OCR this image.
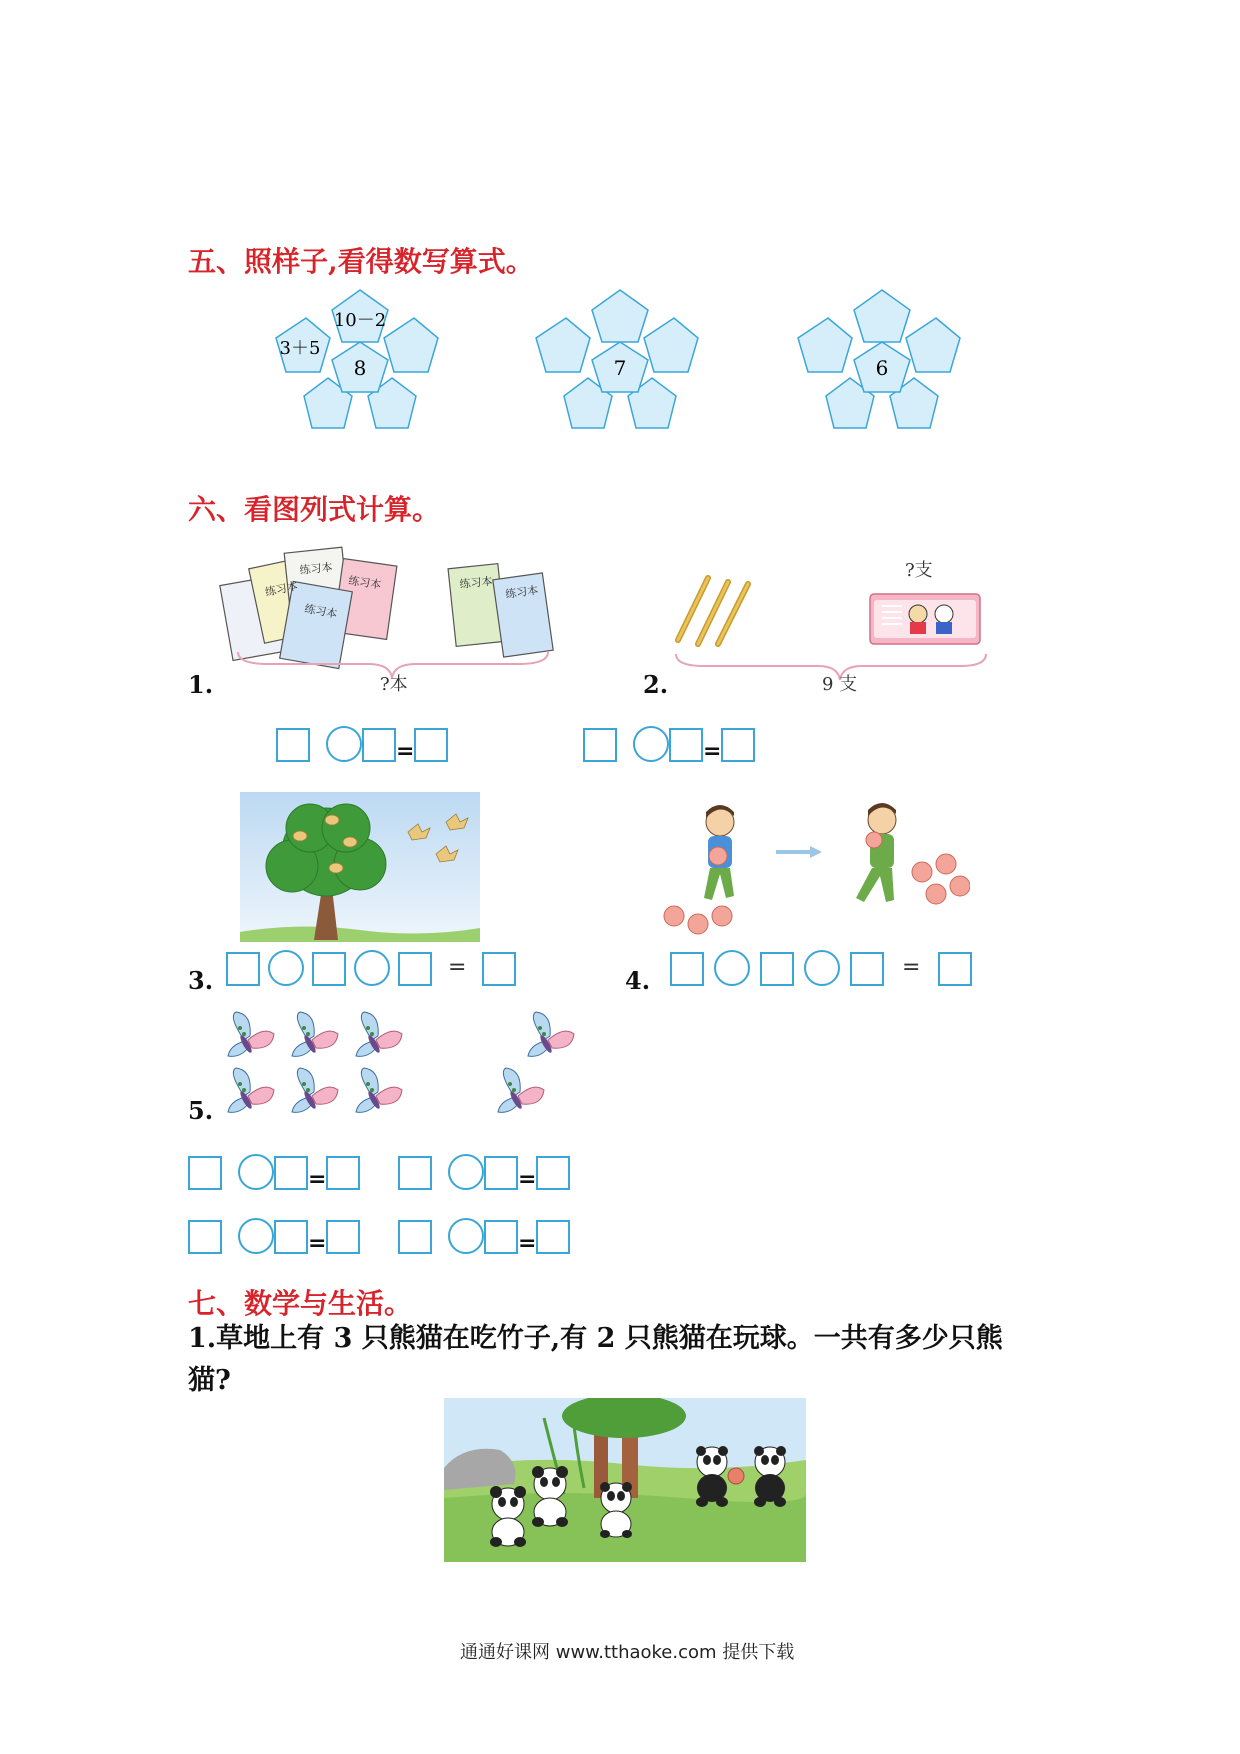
五、照样子,看得数写算式。
10－2
3＋5
8	7	6
六、看图列式计算。
练习本
练习本
练习本
练习本
练习本
练习本
?本
1.
?支
9 支
2.
=	=
3.	=	4.	=
5.
=	=
=	=
七、数学与生活。
1.草地上有 3 只熊猫在吃竹子,有 2 只熊猫在玩球。一共有多少只熊
猫?
通通好课网 www.tthaoke.com 提供下载
